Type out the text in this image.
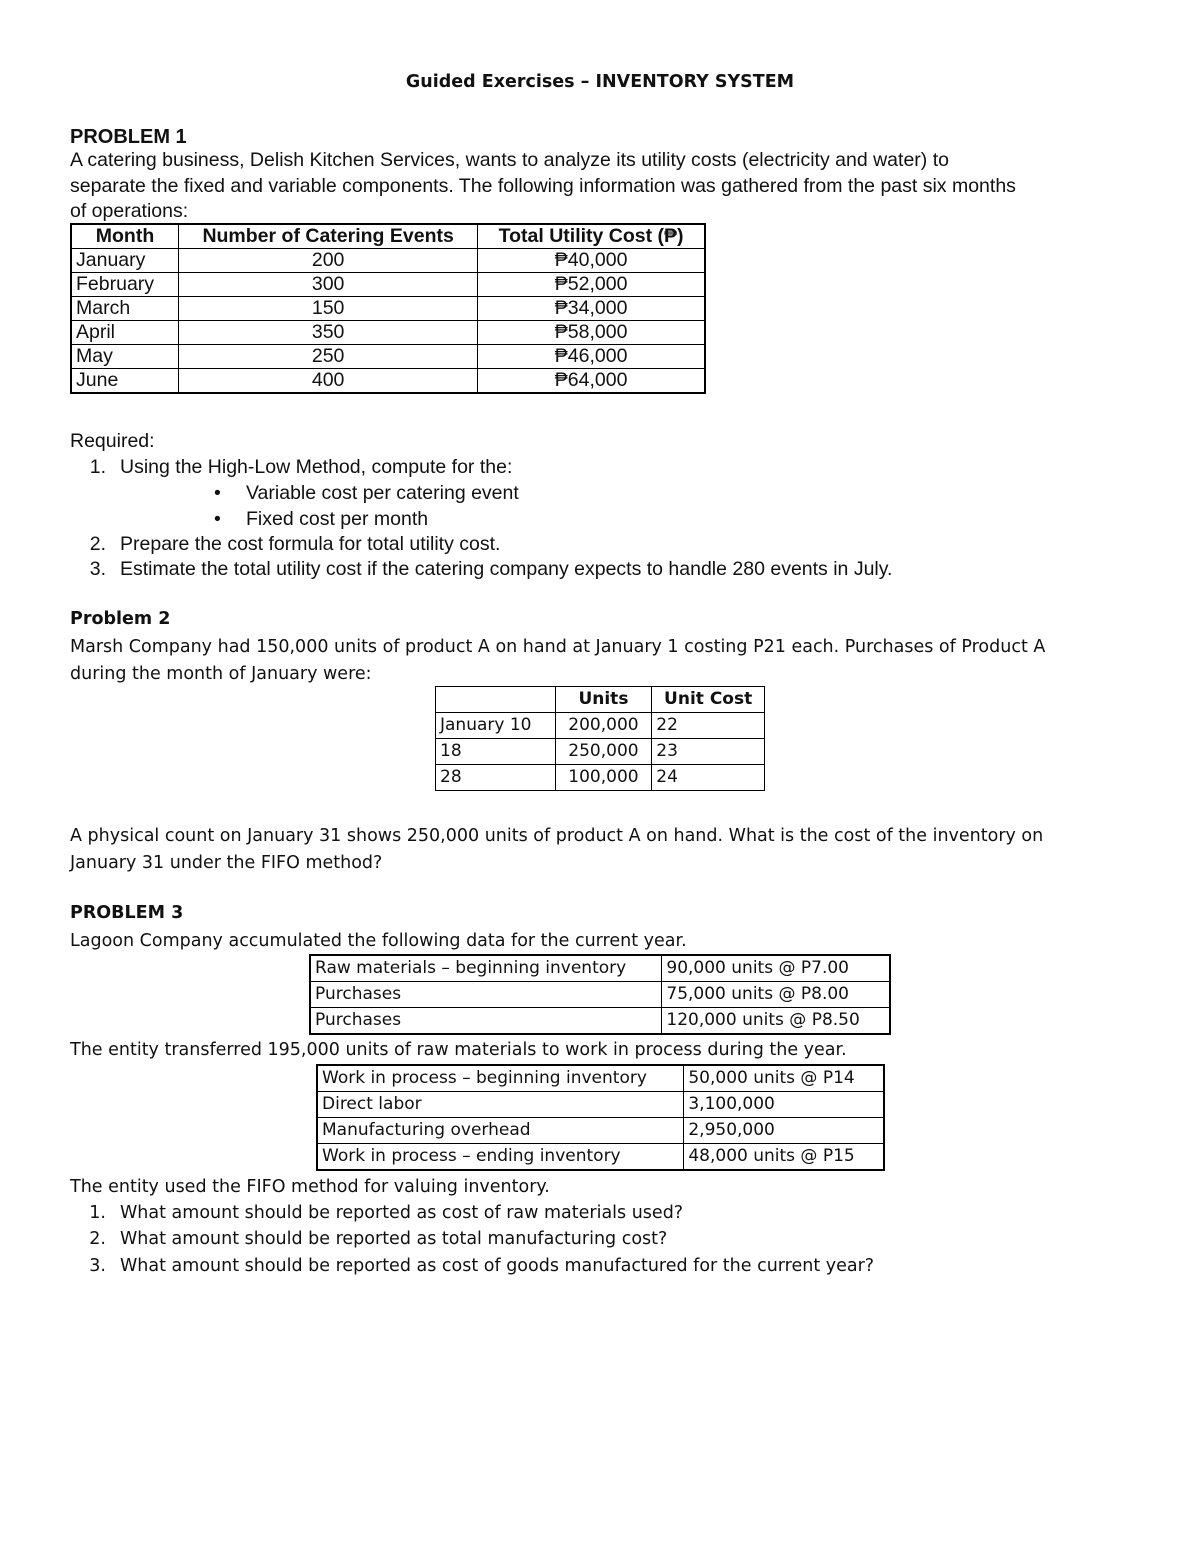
Guided Exercises – INVENTORY SYSTEM
PROBLEM 1
A catering business, Delish Kitchen Services, wants to analyze its utility costs (electricity and water) to
separate the fixed and variable components. The following information was gathered from the past six months
of operations:
Month	Number of Catering Events	Total Utility Cost (₱)
January	200	₱40,000
February	300	₱52,000
March	150	₱34,000
April	350	₱58,000
May	250	₱46,000
June	400	₱64,000
Required:
1. Using the High-Low Method, compute for the:
• Variable cost per catering event
• Fixed cost per month
2. Prepare the cost formula for total utility cost.
3. Estimate the total utility cost if the catering company expects to handle 280 events in July.
Problem 2
Marsh Company had 150,000 units of product A on hand at January 1 costing P21 each. Purchases of Product A
during the month of January were:
	Units	Unit Cost
January 10	200,000	22
18	250,000	23
28	100,000	24
A physical count on January 31 shows 250,000 units of product A on hand. What is the cost of the inventory on
January 31 under the FIFO method?
PROBLEM 3
Lagoon Company accumulated the following data for the current year.
Raw materials – beginning inventory	90,000 units @ P7.00
Purchases	75,000 units @ P8.00
Purchases	120,000 units @ P8.50
The entity transferred 195,000 units of raw materials to work in process during the year.
Work in process – beginning inventory	50,000 units @ P14
Direct labor	3,100,000
Manufacturing overhead	2,950,000
Work in process – ending inventory	48,000 units @ P15
The entity used the FIFO method for valuing inventory.
1. What amount should be reported as cost of raw materials used?
2. What amount should be reported as total manufacturing cost?
3. What amount should be reported as cost of goods manufactured for the current year?
